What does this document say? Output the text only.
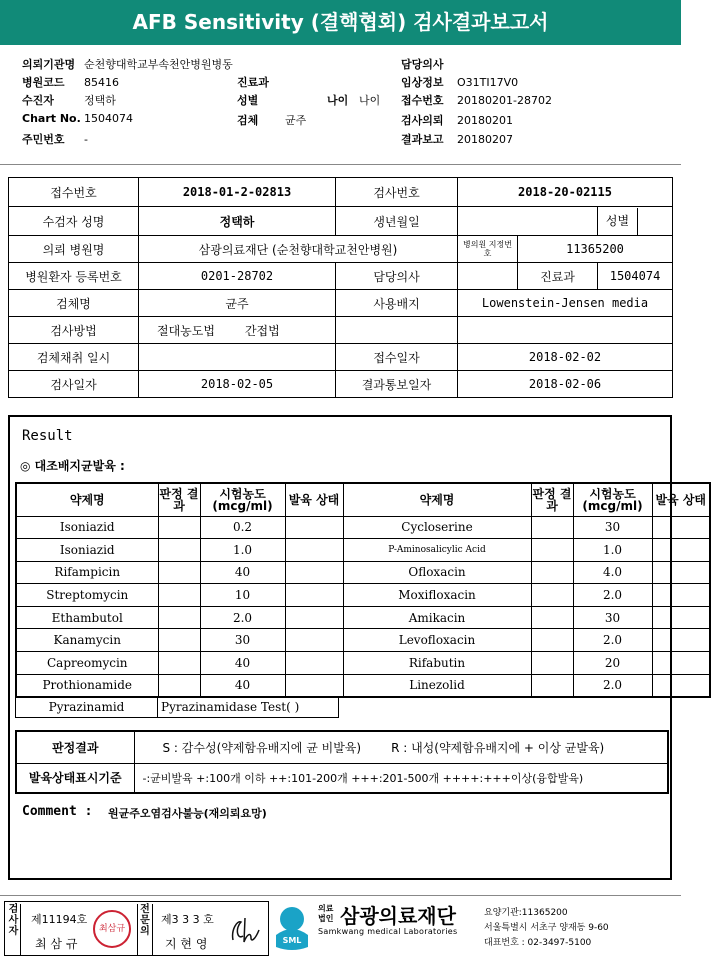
AFB Sensitivity (결핵협회) 검사결과보고서
의뢰기관명 순천향대학교부속천안병원병동
병원코드 85416
수진자	정택하
Chart No. 1504074
주민번호 -
진료과
성별	나이 나이
검체 균주
담당의사
임상정보 O31TI17V0
접수번호 20180201-28702
검사의뢰 20180201
결과보고 20180207
접수번호	2018-01-2-02813	검사번호	2018-20-02115		
수검자 성명	정택하	생년월일			성별

의뢰 병원명	삼광의료재단 (순천향대학교천안병원)		병의원 지정번호	11365200	
병원환자 등록번호	0201-28702	담당의사		진료과	1504074
검체명	균주	사용배지	Lowenstein-Jensen media		
검사방법	절대농도법 간접법				
검체채취 일시		접수일자	2018-02-02		
검사일자	2018-02-05	결과통보일자	2018-02-06		
Result
◎ 대조배지균발육 :
약제명	판정 결과	시험농도 (mcg/ml)	발육 상태	약제명	판정 결과	시험농도 (mcg/ml)	발육 상태
Isoniazid		0.2		Cycloserine		30	
Isoniazid		1.0		P-Aminosalicylic Acid		1.0	
Rifampicin		40		Ofloxacin		4.0	
Streptomycin		10		Moxifloxacin		2.0	
Ethambutol		2.0		Amikacin		30	
Kanamycin		30		Levofloxacin		2.0	
Capreomycin		40		Rifabutin		20	
Prothionamide		40		Linezolid		2.0	
Pyrazinamid	Pyrazinamidase Test( )
판정결과	S : 감수성(약제함유배지에 균 비발육) R : 내성(약제함유배지에 + 이상 균발육)
발육상태표시기준	-:균비발육 +:100개 이하 ++:101-200개 +++:201-500개 ++++:+++이상(융합발육)
Comment : 원균주오염검사불능(재의뢰요망)
검사자
제11194호
최 삼 규
최삼규
전문의
제3 3 3 호
지 현 영	SML
의료
법인 삼광의료재단
Samkwang medical Laboratories
요양기관:11365200
서울특별시 서초구 양재동 9-60
대표번호 : 02-3497-5100
